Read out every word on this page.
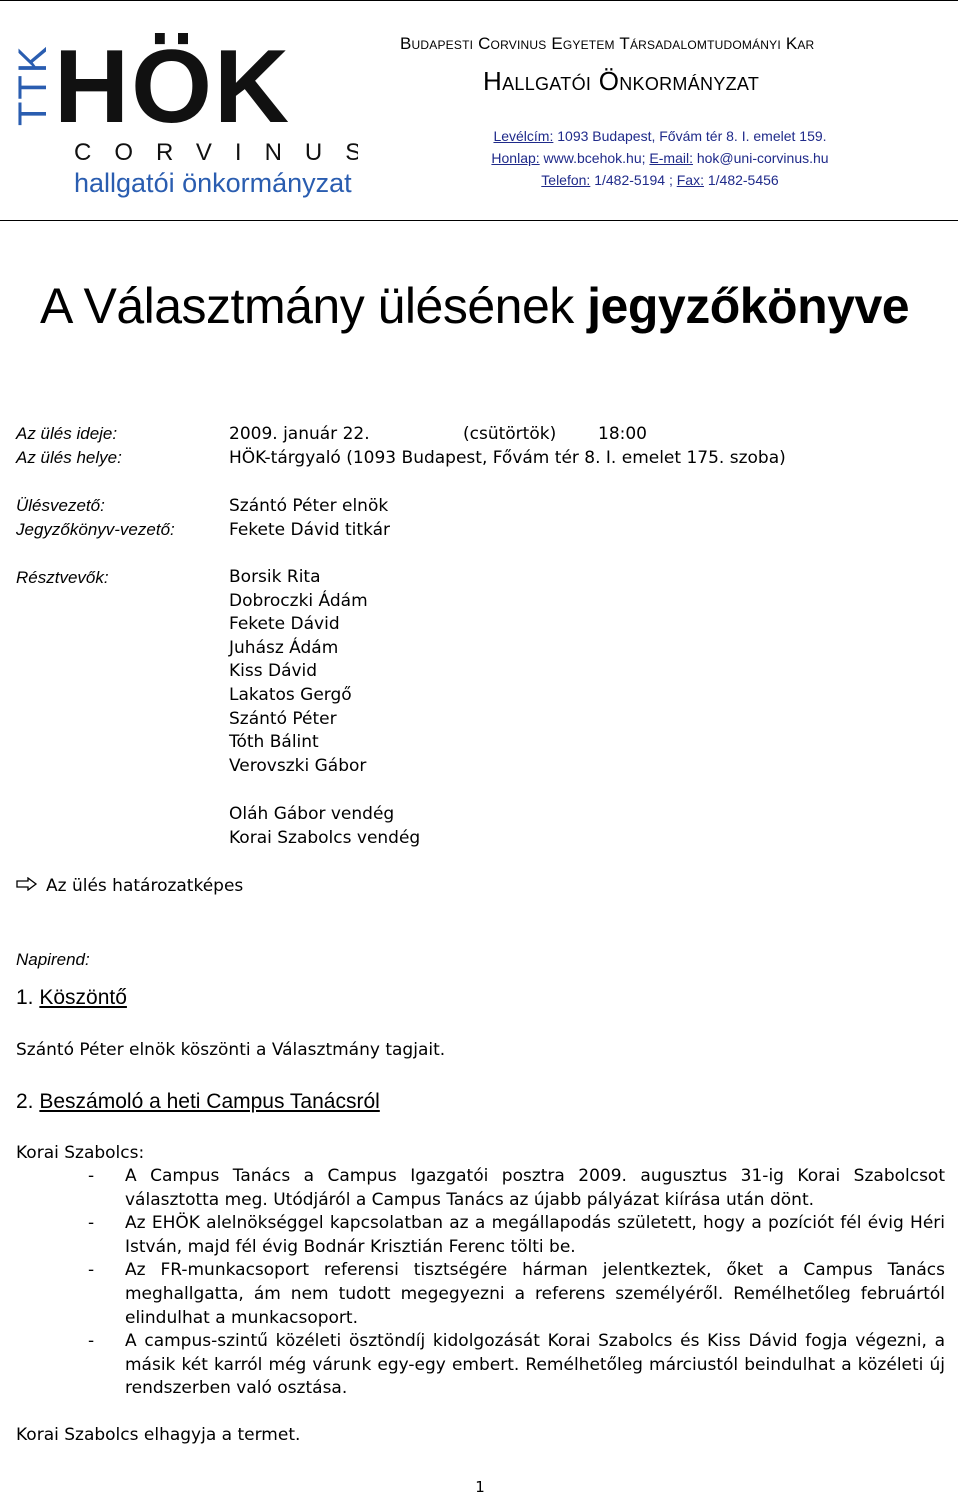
TTK HÖK
CORVINUS
hallgatói önkormányzat
Budapesti Corvinus Egyetem Társadalomtudományi Kar
Hallgatói Önkormányzat
Levélcím: 1093 Budapest, Fővám tér 8. I. emelet 159.
Honlap: www.bcehok.hu; E-mail: hok@uni-corvinus.hu
Telefon: 1/482-5194 ; Fax: 1/482-5456
A Választmány ülésének jegyzőkönyve
Az ülés ideje:	2009. január 22.	(csütörtök) 18:00
Az ülés helye:	HÖK-tárgyaló (1093 Budapest, Fővám tér 8. I. emelet 175. szoba)
Ülésvezető:	Szántó Péter elnök
Jegyzőkönyv-vezető:	Fekete Dávid titkár
Résztvevők:	Borsik Rita
Dobroczki Ádám
Fekete Dávid
Juhász Ádám
Kiss Dávid
Lakatos Gergő
Szántó Péter
Tóth Bálint
Verovszki Gábor
Oláh Gábor vendég
Korai Szabolcs vendég
Az ülés határozatképes
Napirend:
1. Köszöntő
Szántó Péter elnök köszönti a Választmány tagjait.
2. Beszámoló a heti Campus Tanácsról
Korai Szabolcs:
-	A Campus Tanács a Campus Igazgatói posztra 2009. augusztus 31-ig Korai Szabolcsot választotta meg. Utódjáról a Campus Tanács az újabb pályázat kiírása után dönt.
-	Az EHÖK alelnökséggel kapcsolatban az a megállapodás született, hogy a pozíciót fél évig Héri István, majd fél évig Bodnár Krisztián Ferenc tölti be.
-	Az FR-munkacsoport referensi tisztségére hárman jelentkeztek, őket a Campus Tanács meghallgatta, ám nem tudott megegyezni a referens személyéről. Remélhetőleg februártól elindulhat a munkacsoport.
-	A campus-szintű közéleti ösztöndíj kidolgozását Korai Szabolcs és Kiss Dávid fogja végezni, a másik két karról még várunk egy-egy embert. Remélhetőleg márciustól beindulhat a közéleti új rendszerben való osztása.
Korai Szabolcs elhagyja a termet.
1
